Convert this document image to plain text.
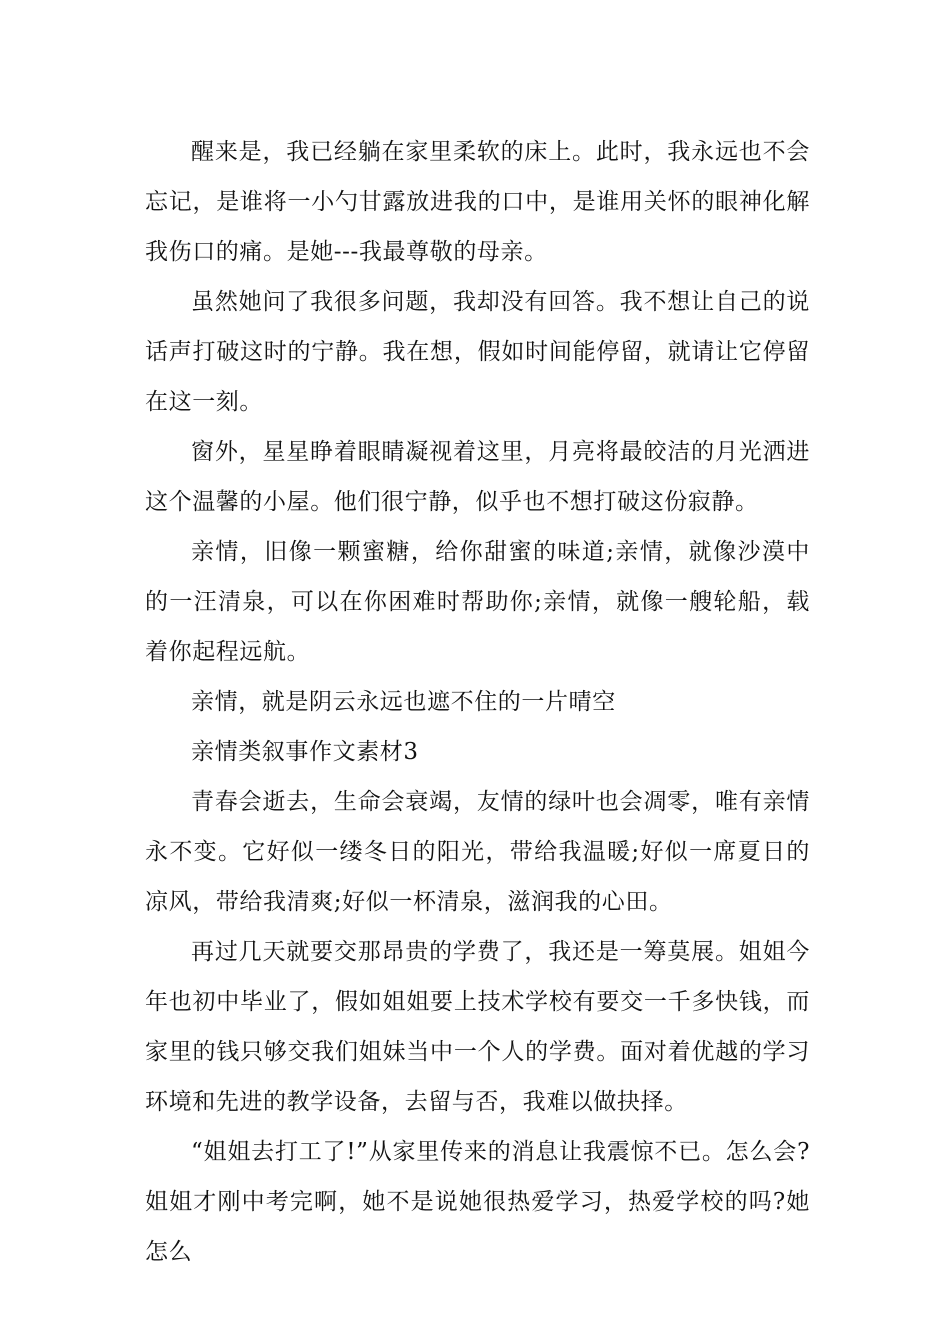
醒来是，我已经躺在家里柔软的床上。此时，我永远也不会忘记，是谁将一小勺甘露放进我的口中，是谁用关怀的眼神化解我伤口的痛。是她---我最尊敬的母亲。

虽然她问了我很多问题，我却没有回答。我不想让自己的说话声打破这时的宁静。我在想，假如时间能停留，就请让它停留在这一刻。

窗外，星星睁着眼睛凝视着这里，月亮将最皎洁的月光洒进这个温馨的小屋。他们很宁静，似乎也不想打破这份寂静。

亲情，旧像一颗蜜糖，给你甜蜜的味道;亲情，就像沙漠中的一汪清泉，可以在你困难时帮助你;亲情，就像一艘轮船，载着你起程远航。

亲情，就是阴云永远也遮不住的一片晴空

亲情类叙事作文素材3

青春会逝去，生命会衰竭，友情的绿叶也会凋零，唯有亲情永不变。它好似一缕冬日的阳光，带给我温暖;好似一席夏日的凉风，带给我清爽;好似一杯清泉，滋润我的心田。

再过几天就要交那昂贵的学费了，我还是一筹莫展。姐姐今年也初中毕业了，假如姐姐要上技术学校有要交一千多快钱，而家里的钱只够交我们姐妹当中一个人的学费。面对着优越的学习环境和先进的教学设备，去留与否，我难以做抉择。

“姐姐去打工了!”从家里传来的消息让我震惊不已。怎么会?姐姐才刚中考完啊，她不是说她很热爱学习，热爱学校的吗?她怎么
